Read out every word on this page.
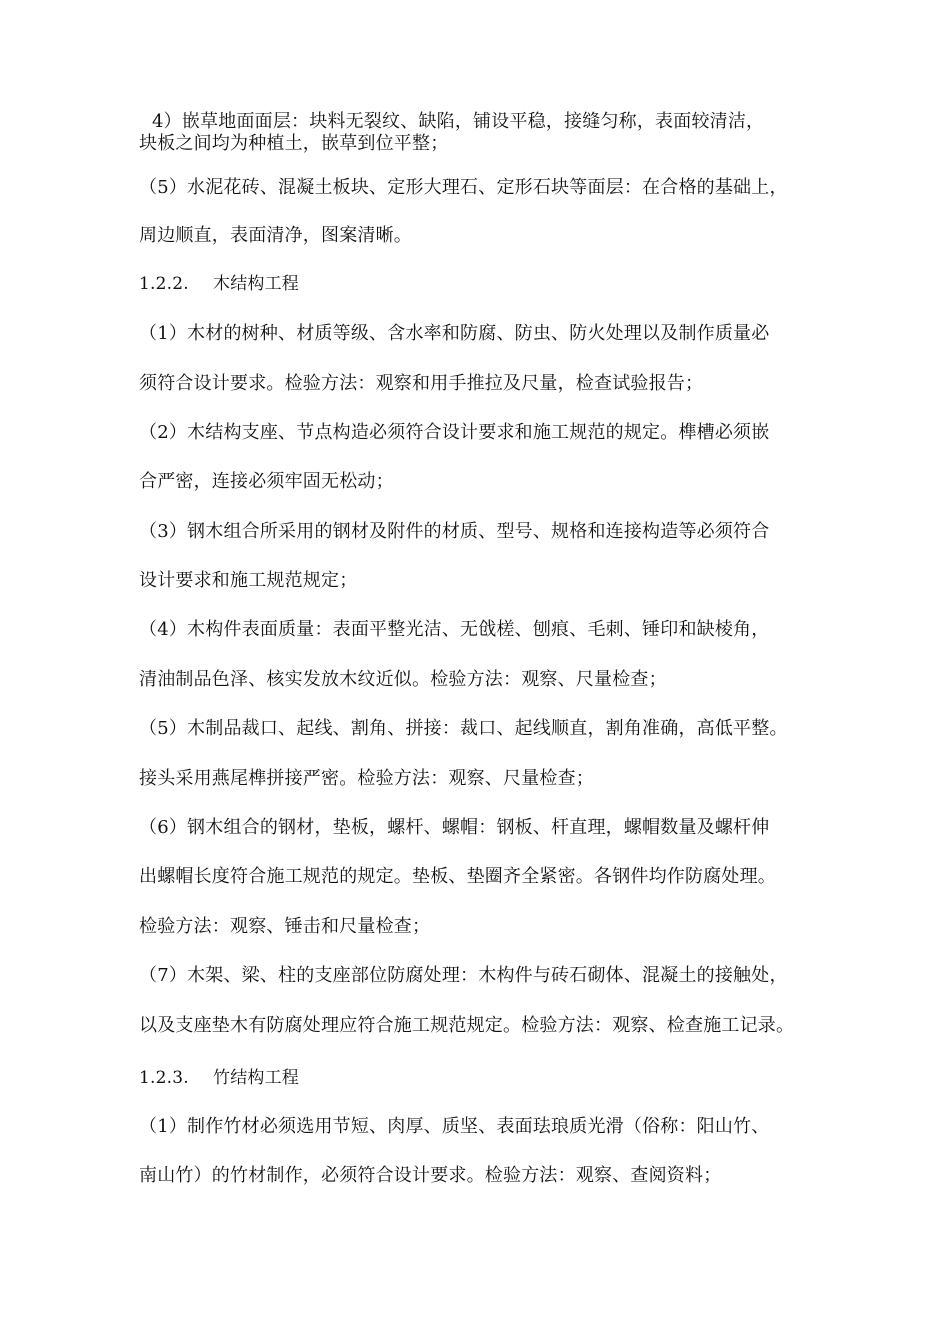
4）嵌草地面面层：块料无裂纹、缺陷，铺设平稳，接缝匀称，表面较清洁，
块板之间均为种植土，嵌草到位平整；
（5）水泥花砖、混凝土板块、定形大理石、定形石块等面层：在合格的基础上，
周边顺直，表面清净，图案清晰。
1.2.2. 木结构工程
（1）木材的树种、材质等级、含水率和防腐、防虫、防火处理以及制作质量必
须符合设计要求。检验方法：观察和用手推拉及尺量，检查试验报告；
（2）木结构支座、节点构造必须符合设计要求和施工规范的规定。榫槽必须嵌
合严密，连接必须牢固无松动；
（3）钢木组合所采用的钢材及附件的材质、型号、规格和连接构造等必须符合
设计要求和施工规范规定；
（4）木构件表面质量：表面平整光洁、无戗槎、刨痕、毛刺、锤印和缺棱角，
清油制品色泽、核实发放木纹近似。检验方法：观察、尺量检查；
（5）木制品裁口、起线、割角、拼接：裁口、起线顺直，割角准确，高低平整。
接头采用燕尾榫拼接严密。检验方法：观察、尺量检查；
（6）钢木组合的钢材，垫板，螺杆、螺帽：钢板、杆直理，螺帽数量及螺杆伸
出螺帽长度符合施工规范的规定。垫板、垫圈齐全紧密。各钢件均作防腐处理。
检验方法：观察、锤击和尺量检查；
（7）木架、梁、柱的支座部位防腐处理：木构件与砖石砌体、混凝土的接触处，
以及支座垫木有防腐处理应符合施工规范规定。检验方法：观察、检查施工记录。
1.2.3. 竹结构工程
（1）制作竹材必须选用节短、肉厚、质坚、表面珐琅质光滑（俗称：阳山竹、
南山竹）的竹材制作，必须符合设计要求。检验方法：观察、查阅资料；
